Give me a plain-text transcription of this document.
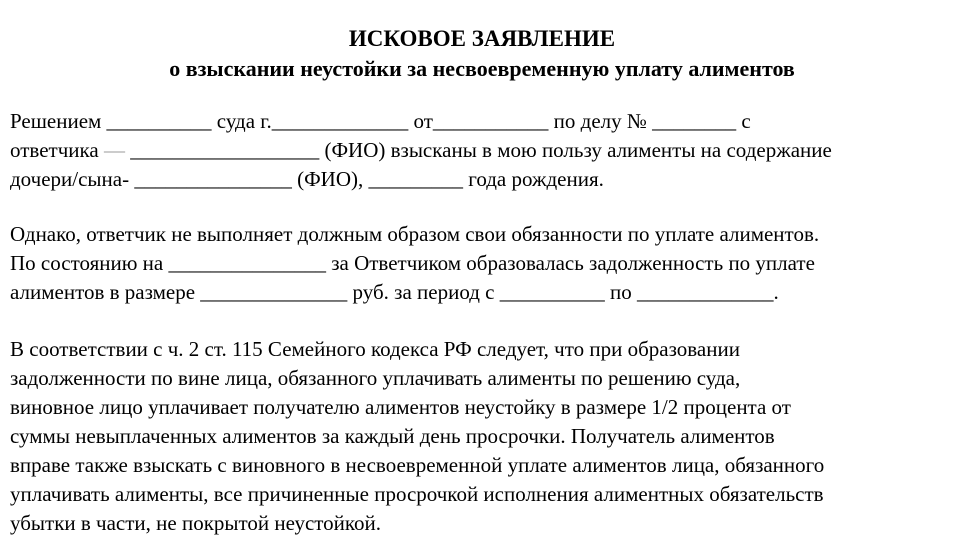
ИСКОВОЕ ЗАЯВЛЕНИЕ
о взыскании неустойки за несвоевременную уплату алиментов
Решением __________ суда г._____________ от___________ по делу № ________ с
ответчика — __________________ (ФИО) взысканы в мою пользу алименты на содержание
дочери/сына- _______________ (ФИО), _________ года рождения.
Однако, ответчик не выполняет должным образом свои обязанности по уплате алиментов.
По состоянию на _______________ за Ответчиком образовалась задолженность по уплате
алиментов в размере ______________ руб. за период с __________ по _____________.
В соответствии с ч. 2 ст. 115 Семейного кодекса РФ следует, что при образовании
задолженности по вине лица, обязанного уплачивать алименты по решению суда,
виновное лицо уплачивает получателю алиментов неустойку в размере 1/2 процента от
суммы невыплаченных алиментов за каждый день просрочки. Получатель алиментов
вправе также взыскать с виновного в несвоевременной уплате алиментов лица, обязанного
уплачивать алименты, все причиненные просрочкой исполнения алиментных обязательств
убытки в части, не покрытой неустойкой.
